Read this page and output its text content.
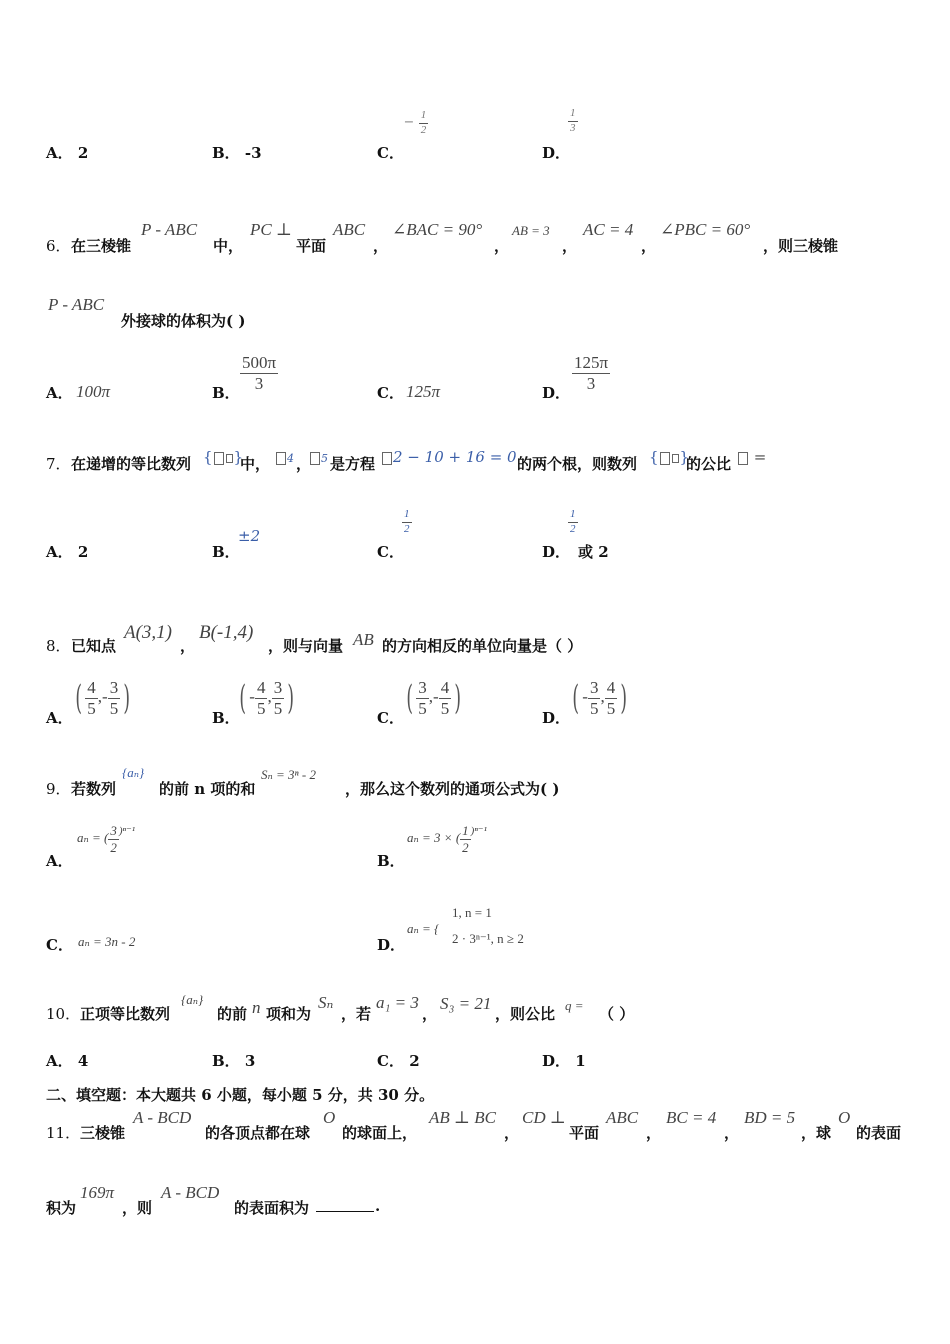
A． 2	B． -3	C．
− $\frac{1}{2}$
D．
$\frac{1}{3}$
6． 在三棱锥
P - ABC
中，
PC ⊥
平面
ABC
，
∠BAC = 90°
，
AB = 3
，
AC = 4
，
∠PBC = 60°
，则三棱锥
P - ABC
外接球的体积为( )
A． 100π	B．
$\frac{500\pi}{3}$
C． 125π	D．
$\frac{125\pi}{3}$
7． 在递增的等比数列 { }
中，	4 ， 5 是方程	2 − 10 + 16 = 0 的两个根，则数列 { }
的公比	=
A． 2	B．
±2
C．
$\frac{1}{2}$
D．
$\frac{1}{2}$
或 2
8． 已知点
A(3,1)
，
B(-1,4)
，则与向量 AB 的方向相反的单位向量是（ ）
A． ( $\frac{4}{5}$ ,- $\frac{3}{5}$ )	B． ( - $\frac{4}{5}$ , $\frac{3}{5}$ )	C． ( $\frac{3}{5}$ ,- $\frac{4}{5}$ )	D． ( - $\frac{3}{5}$ , $\frac{4}{5}$ )
9． 若数列
{aₙ}
的前 n 项的和
Sₙ = 3ⁿ - 2
，那么这个数列的通项公式为( )
A．
aₙ = ( $\frac{3}{2} ^{)^{n-1}}$
B．
aₙ = 3 × ( $\frac{1}{2} ^{)^{n-1}}$
C． aₙ = 3n - 2	D．
aₙ = {
1, n = 1
2 · 3ⁿ⁻¹, n ≥ 2
10． 正项等比数列
{aₙ}
的前 n 项和为
Sₙ
，若
a₁ = 3
，
S₃ = 21
，则公比 q = （ ）
A． 4	B． 3	C． 2	D． 1
二、填空题：本大题共 6 小题，每小题 5 分，共 30 分。
11． 三棱锥
A - BCD
的各顶点都在球
O
的球面上，
AB ⊥ BC
，
CD ⊥
平面
ABC
，
BC = 4
，
BD = 5
，球
O
的表面
积为
169π
，则
A - BCD
的表面积为	.
